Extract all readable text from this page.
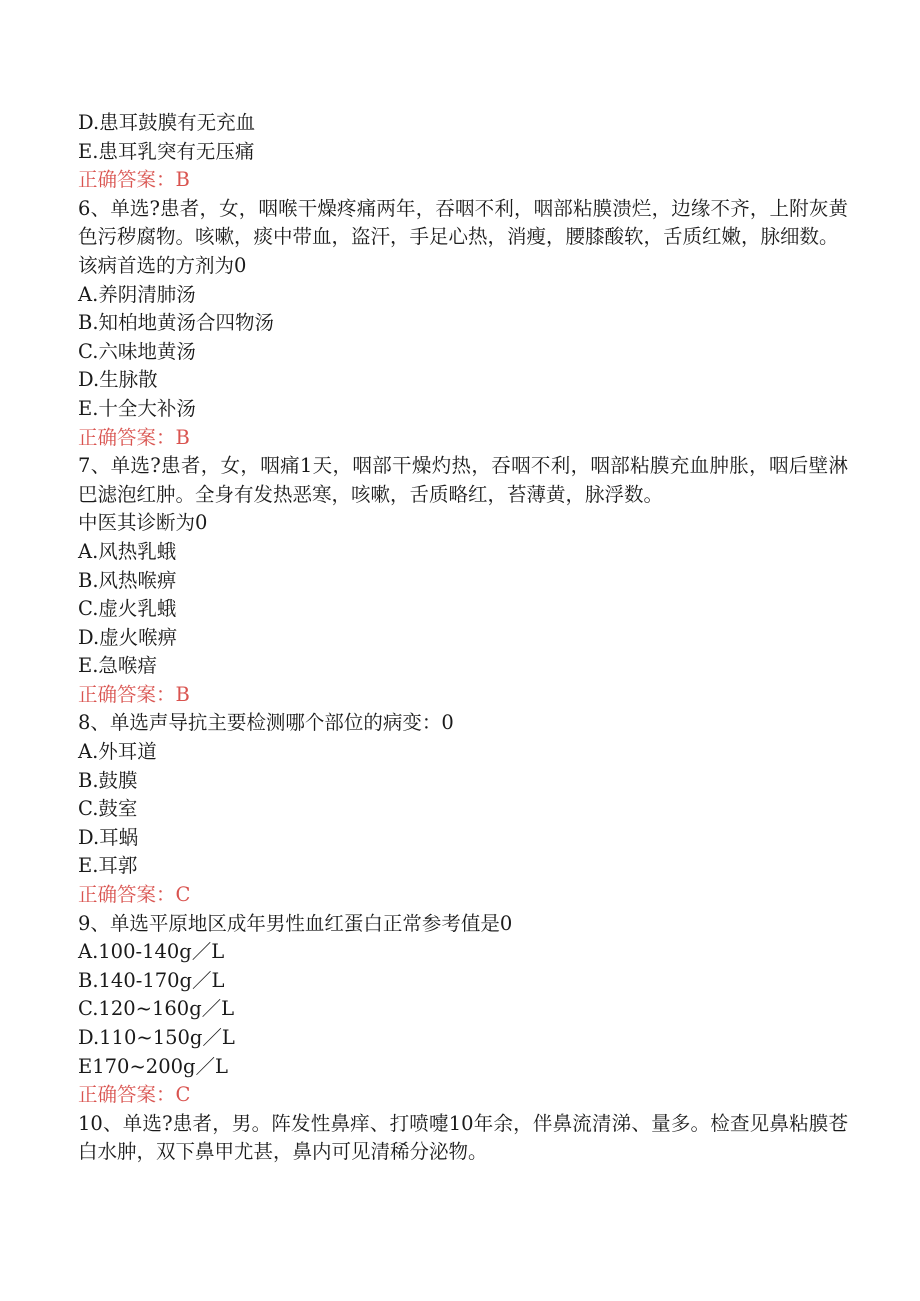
D.患耳鼓膜有无充血
E.患耳乳突有无压痛
正确答案：B
6、单选?患者，女，咽喉干燥疼痛两年，吞咽不利，咽部粘膜溃烂，边缘不齐，上附灰黄色污秽腐物。咳嗽，痰中带血，盗汗，手足心热，消瘦，腰膝酸软，舌质红嫩，脉细数。
该病首选的方剂为0
A.养阴清肺汤
B.知柏地黄汤合四物汤
C.六味地黄汤
D.生脉散
E.十全大补汤
正确答案：B
7、单选?患者，女，咽痛1天，咽部干燥灼热，吞咽不利，咽部粘膜充血肿胀，咽后壁淋巴滤泡红肿。全身有发热恶寒，咳嗽，舌质略红，苔薄黄，脉浮数。
中医其诊断为0
A.风热乳蛾
B.风热喉痹
C.虚火乳蛾
D.虚火喉痹
E.急喉瘖
正确答案：B
8、单选声导抗主要检测哪个部位的病变：0
A.外耳道
B.鼓膜
C.鼓室
D.耳蜗
E.耳郭
正确答案：C
9、单选平原地区成年男性血红蛋白正常参考值是0
A.100-140g／L
B.140-170g／L
C.120~160g／L
D.110~150g／L
E170~200g／L
正确答案：C
10、单选?患者，男。阵发性鼻痒、打喷嚏10年余，伴鼻流清涕、量多。检查见鼻粘膜苍白水肿，双下鼻甲尤甚，鼻内可见清稀分泌物。
